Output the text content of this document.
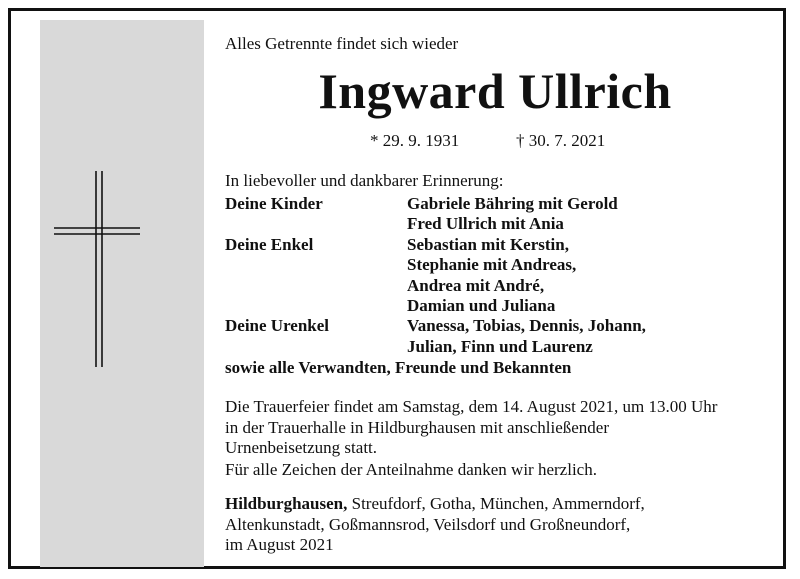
Alles Getrennte findet sich wieder
Ingward Ullrich
* 29. 9. 1931	† 30. 7. 2021
In liebevoller und dankbarer Erinnerung:
Deine Kinder	Gabriele Bähring mit Gerold
Fred Ullrich mit Ania
Deine Enkel	Sebastian mit Kerstin,
Stephanie mit Andreas,
Andrea mit André,
Damian und Juliana
Deine Urenkel	Vanessa, Tobias, Dennis, Johann,
Julian, Finn und Laurenz
sowie alle Verwandten, Freunde und Bekannten
Die Trauerfeier findet am Samstag, dem 14. August 2021, um 13.00 Uhr
in der Trauerhalle in Hildburghausen mit anschließender
Urnenbeisetzung statt.
Für alle Zeichen der Anteilnahme danken wir herzlich.
Hildburghausen, Streufdorf, Gotha, München, Ammerndorf,
Altenkunstadt, Goßmannsrod, Veilsdorf und Großneundorf,
im August 2021
